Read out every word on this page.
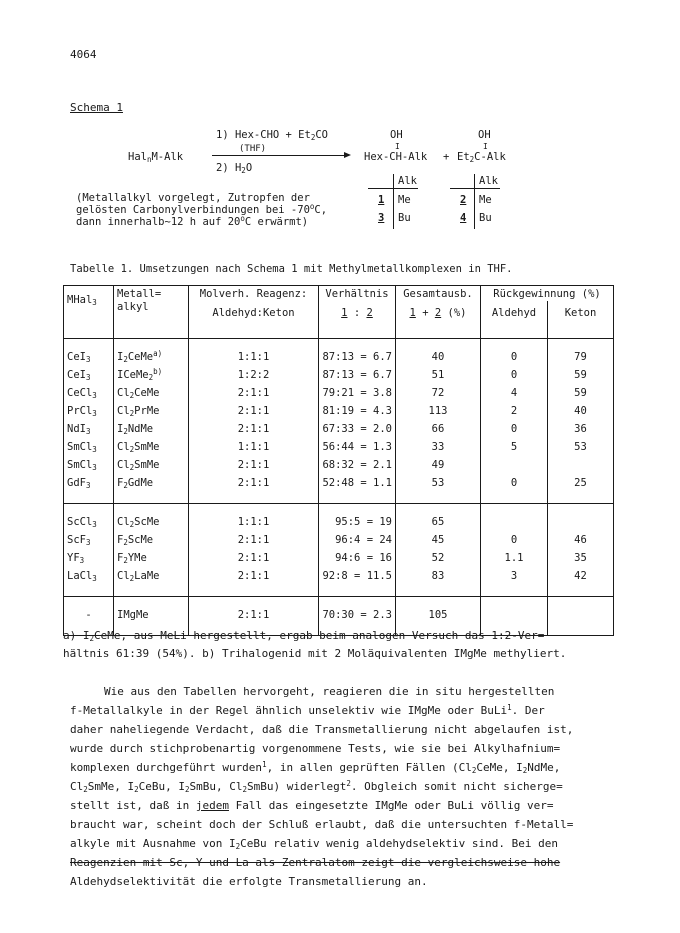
4064
Schema 1
1) $Hex-CHO + Et_2CO$
(THF)
Hal$_n$M-Alk
2) $H_2O$
OH
I
OH
I
$Hex-CH-Alk + Et_2C$-Alk
Alk	Alk
1 Me	2 Me
3 Bu	4 Bu
(Metallalkyl vorgelegt, Zutropfen der
gelösten Carbonylverbindungen bei -70$^o$C,
dann innerhalb~12 h auf 20$^o$C erwärmt)
Tabelle 1. Umsetzungen nach Schema 1 mit Methylmetallkomplexen in THF.
MHal$_3$	Metall=
alkyl	Molverh. Reagenz:	Verhältnis	Gesamtausb.	Rückgewinnung (%)	
		Aldehyd:Keton	1 : 2	1 + 2 (%)	Aldehyd	Keton

CeI$_3$	$I_2CeMe^{a)}$	1:1:1	87:13 = 6.7	40	0	79
CeI$_3$	ICeMe$_2^{b)}$	1:2:2	87:13 = 6.7	51	0	59
CeCl$_3$	$Cl_2CeMe$	2:1:1	79:21 = 3.8	72	4	59
PrCl$_3$	$Cl_2PrMe$	2:1:1	81:19 = 4.3	113	2	40
NdI$_3$	$I_2NdMe$	2:1:1	67:33 = 2.0	66	0	36
SmCl$_3$	$Cl_2SmMe$	1:1:1	56:44 = 1.3	33	5	53
SmCl$_3$	$Cl_2SmMe$	2:1:1	68:32 = 2.1	49		
GdF$_3$	$F_2GdMe$	2:1:1	52:48 = 1.1	53	0	25

ScCl$_3$	$Cl_2ScMe$	1:1:1	95:5 = 19	65		
ScF$_3$	$F_2ScMe$	2:1:1	96:4 = 24	45	0	46
$YF_3$	$F_2YMe$	2:1:1	94:6 = 16	52	1.1	35
LaCl$_3$	$Cl_2LaMe$	2:1:1	92:8 = 11.5	83	3	42

-	IMgMe	2:1:1	70:30 = 2.3	105		

a) $I_2CeMe$, aus MeLi hergestellt, ergab beim analogen Versuch das 1:2-Ver=
hältnis 61:39 (54%). b) Trihalogenid mit 2 Moläquivalenten IMgMe methyliert.
Wie aus den Tabellen hervorgeht, reagieren die in situ hergestellten
f-Metallalkyle in der Regel ähnlich unselektiv wie IMgMe oder BuLi$^1$. Der
daher naheliegende Verdacht, daß die Transmetallierung nicht abgelaufen ist,
wurde durch stichprobenartig vorgenommene Tests, wie sie bei Alkylhafnium=
komplexen durchgeführt wurden$^1$, in allen geprüften Fällen ($Cl_2CeMe$, $I_2NdMe$,
$Cl_2SmMe$, $I_2CeBu$, $I_2SmBu$, $Cl_2SmBu$) widerlegt$^2$. Obgleich somit nicht sicherge=
stellt ist, daß in jedem Fall das eingesetzte IMgMe oder BuLi völlig ver=
braucht war, scheint doch der Schluß erlaubt, daß die untersuchten f-Metall=
alkyle mit Ausnahme von $I_2CeBu$ relativ wenig aldehydselektiv sind. Bei den
Reagenzien mit Sc, Y und La als Zentralatom zeigt die vergleichsweise hohe
Aldehydselektivität die erfolgte Transmetallierung an.
